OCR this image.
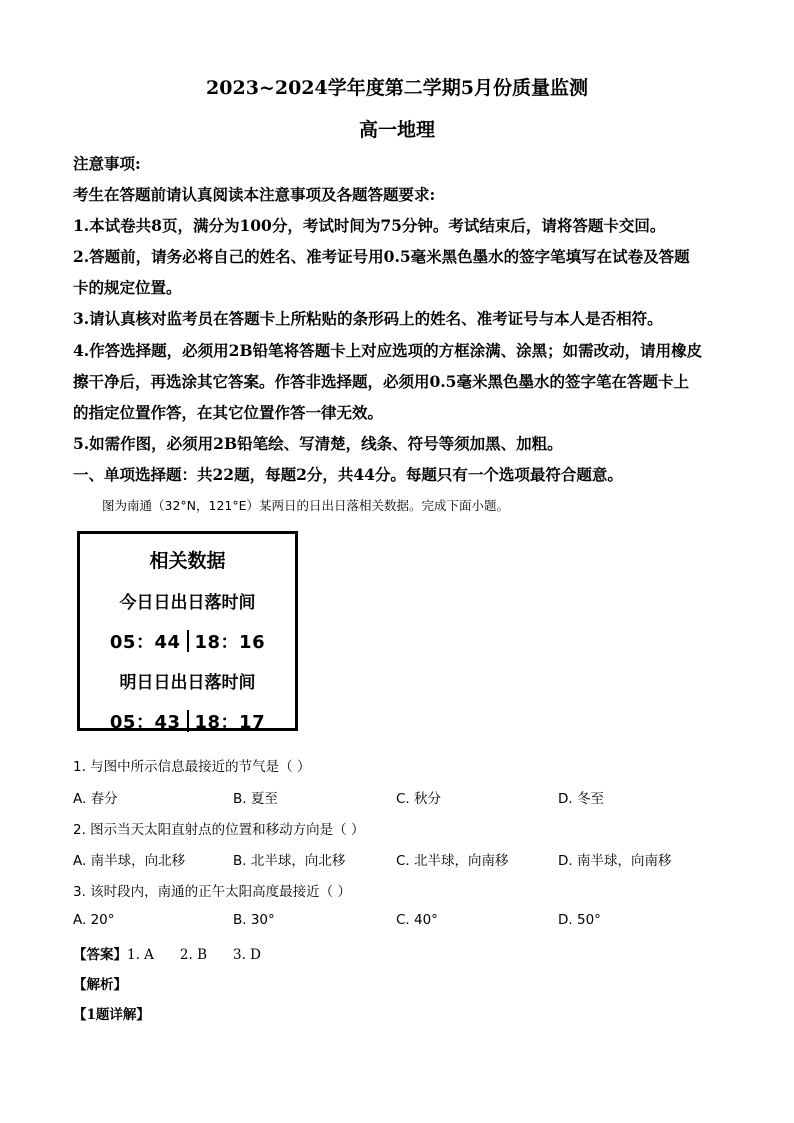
2023~2024学年度第二学期5月份质量监测
高一地理
注意事项:
考生在答题前请认真阅读本注意事项及各题答题要求:
1.本试卷共8页，满分为100分，考试时间为75分钟。考试结束后，请将答题卡交回。
2.答题前，请务必将自己的姓名、准考证号用0.5毫米黑色墨水的签字笔填写在试卷及答题
卡的规定位置。
3.请认真核对监考员在答题卡上所粘贴的条形码上的姓名、准考证号与本人是否相符。
4.作答选择题，必须用2B铅笔将答题卡上对应选项的方框涂满、涂黑；如需改动，请用橡皮
擦干净后，再选涂其它答案。作答非选择题，必须用0.5毫米黑色墨水的签字笔在答题卡上
的指定位置作答，在其它位置作答一律无效。
5.如需作图，必须用2B铅笔绘、写清楚，线条、符号等须加黑、加粗。
一、单项选择题：共22题，每题2分，共44分。每题只有一个选项最符合题意。
图为南通（32°N，121°E）某两日的日出日落相关数据。完成下面小题。
相关数据
今日日出日落时间
05：44 18：16
明日日出日落时间
05：43 18：17
1. 与图中所示信息最接近的节气是（ ）
A. 春分	B. 夏至	C. 秋分	D. 冬至
2. 图示当天太阳直射点的位置和移动方向是（ ）
A. 南半球，向北移	B. 北半球，向北移	C. 北半球，向南移	D. 南半球，向南移
3. 该时段内，南通的正午太阳高度最接近（ ）
A. 20°	B. 30°	C. 40°	D. 50°
【答案】1. A 2. B 3. D
【解析】
【1题详解】
